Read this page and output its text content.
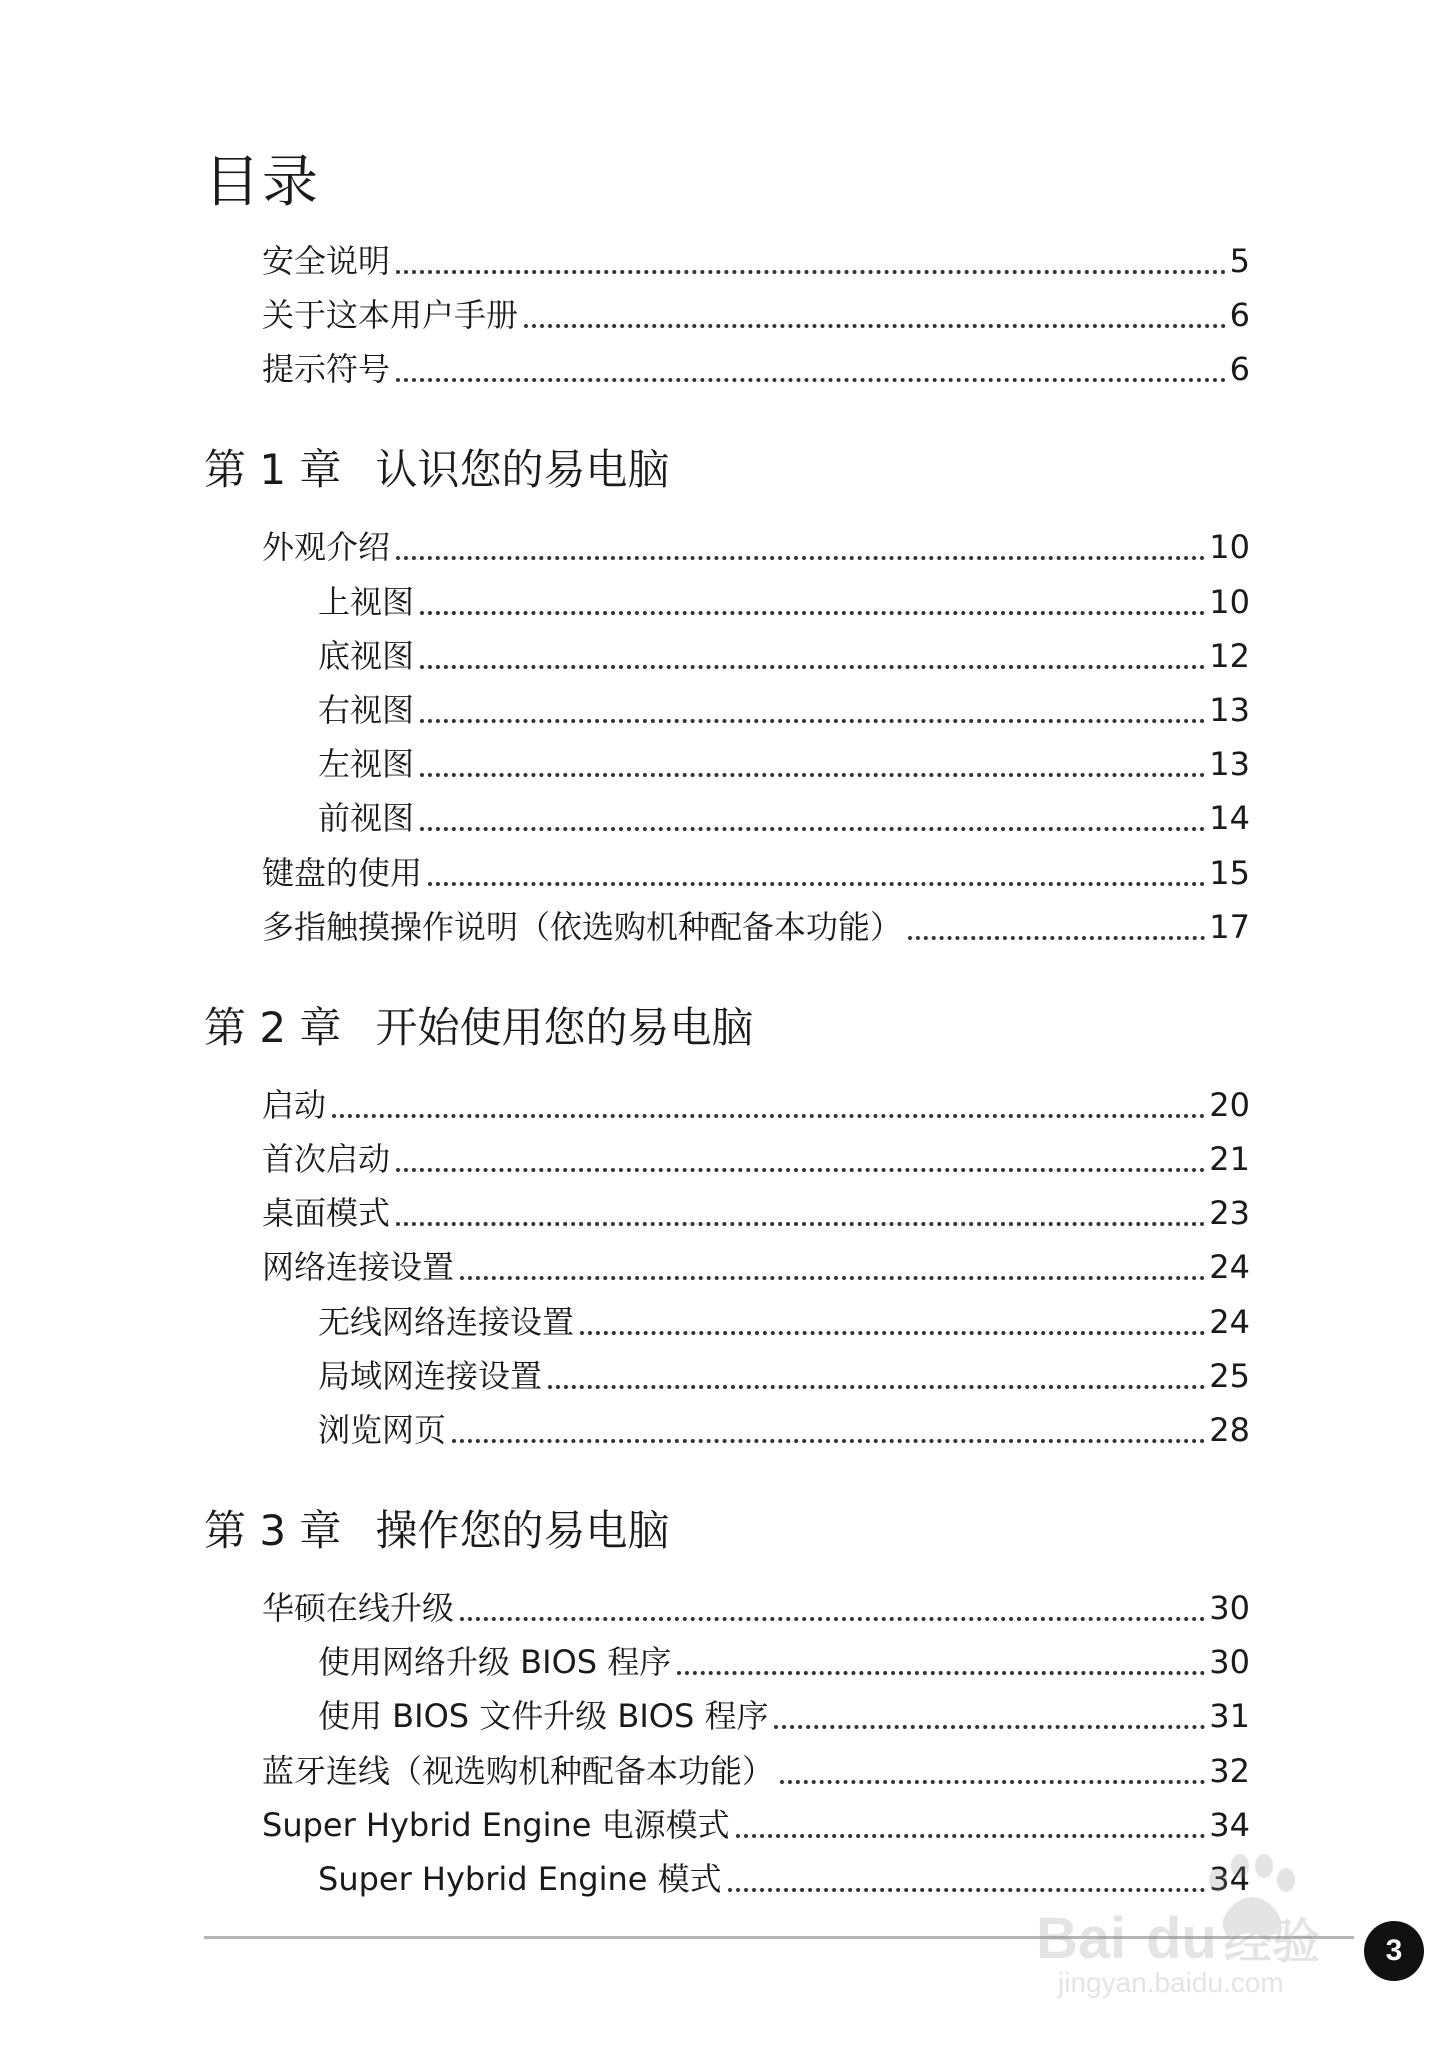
目录
安全说明	5
关于这本用户手册	6
提示符号	6
第 1 章 认识您的易电脑
外观介绍	10
上视图	10
底视图	12
右视图	13
左视图	13
前视图	14
键盘的使用	15
多指触摸操作说明（依选购机种配备本功能）	17
第 2 章 开始使用您的易电脑
启动	20
首次启动	21
桌面模式	23
网络连接设置	24
无线网络连接设置	24
局域网连接设置	25
浏览网页	28
第 3 章 操作您的易电脑
华硕在线升级	30
使用网络升级 BIOS 程序	30
使用 BIOS 文件升级 BIOS 程序	31
蓝牙连线（视选购机种配备本功能）	32
Super Hybrid Engine 电源模式	34
Super Hybrid Engine 模式	34
3
Bai du 经验
jingyan.baidu.com
